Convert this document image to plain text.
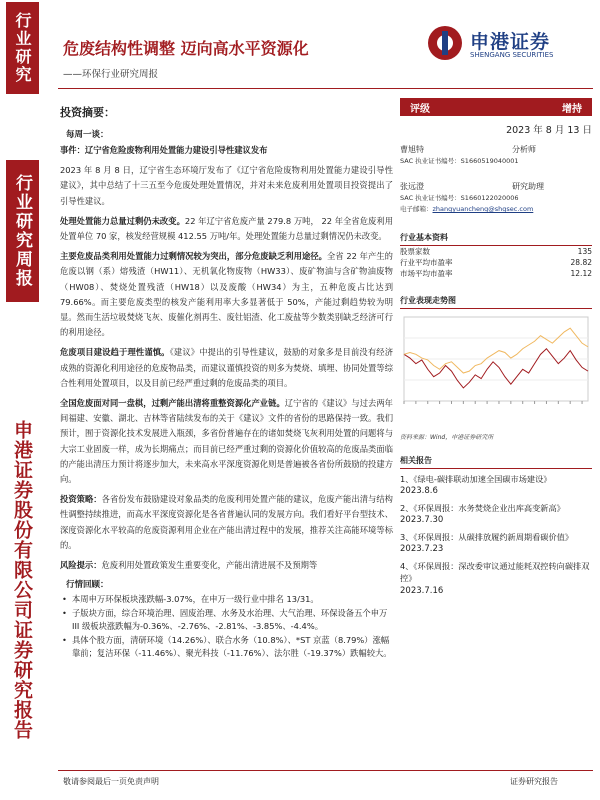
行业研究
行业研究周报
申港证券股份有限公司证券研究报告
危废结构性调整 迈向高水平资源化
——环保行业研究周报
申港证券
SHENGANG SECURITIES
投资摘要：
每周一谈：
事件：辽宁省危险废物利用处置能力建设引导性建议发布
2023 年 8 月 8 日，辽宁省生态环境厅发布了《辽宁省危险废物利用处置能力建设引导性建议》，其中总结了十三五至今危废处理处置情况，并对未来危废利用处置项目投资提出了引导性建议。
处理处置能力总量过剩仍未改变。22 年辽宁省危废产量 279.8 万吨， 22 年全省危废利用处置单位 70 家，核发经营规模 412.55 万吨/年。处理处置能力总量过剩情况仍未改变。
主要危废品类利用处置能力过剩情况较为突出，部分危废缺乏利用途径。全省 22 年产生的危废以钢（系）熔残渣（HW11）、无机氧化物废物（HW33）、废矿物油与含矿物油废物（HW08）、焚烧处置残渣（HW18）以及废酸（HW34）为主，五种危废占比达到 79.66%。而主要危废类型的核发产能利用率大多显著低于 50%，产能过剩趋势较为明显。然而生活垃圾焚烧飞灰、废催化剂再生、废钍铝渣、化工废盐等少数类别缺乏经济可行的利用途径。
危废项目建设趋于理性谨慎。《建议》中提出的引导性建议，鼓励的对象多是目前没有经济成熟的资源化利用途径的危废物品类，而建议谨慎投资的则多为焚烧、填埋、协同处置等综合性利用处置项目，以及目前已经严重过剩的危废品类的项目。
全国危废面对同一盘棋，过剩产能出清将重整资源化产业链。辽宁省的《建议》与过去两年间福建、安徽、湖北、吉林等省陆续发布的关于《建议》文件的省份的思路保持一致。我们预计，囿于资源化技术发展进入瓶颈，多省份普遍存在的诸如焚烧飞灰利用处置的问题将与大宗工业固废一样，成为长期痛点；而目前已经严重过剩的资源化价值较高的危废品类面临的产能出清压力预计将逐步加大，未来高水平深度资源化则是普遍被各省份所鼓励的投建方向。
投资策略：各省份发布鼓励建设对象品类的危废利用处置产能的建议，危废产能出清与结构性调整持续推进，而高水平深度资源化是各省普遍认同的发展方向。我们看好平台型技术、深度资源化水平较高的危废资源利用企业在产能出清过程中的发展，推荐关注高能环境等标的。
风险提示：危废利用处置政策发生重要变化，产能出清进展不及预期等
行情回顾：
• 本周申万环保板块涨跌幅-3.07%，在申万一级行业中排名 13/31。
• 子版块方面，综合环境治理、固废治理、水务及水治理、大气治理、环保设备五个申万 III 级板块涨跌幅为-0.36%、-2.76%、-2.81%、-3.85%、-4.4%。
• 具体个股方面，清研环境（14.26%）、联合水务（10.8%）、*ST 京蓝（8.79%）涨幅靠前；复洁环保（-11.46%）、聚光科技（-11.76%）、法尔胜（-19.37%）跌幅较大。
评级	增持
2023 年 8 月 13 日
曹旭特	分析师
SAC 执业证书编号：S1660519040001
张远澄	研究助理
SAC 执业证书编号：S1660122020006
电子邮箱：zhangyuancheng@shgsec.com
行业基本资料
股票家数	135
行业平均市盈率	28.82
市场平均市盈率	12.12
行业表现走势图
资料来源：Wind，申港证券研究所
相关报告
1、《绿电-碳排联动加速全国碳市场建设》
2023.8.6
2、《环保周报：水务焚烧企业出库高变新高》
2023.7.30
3、《环保周报：从碳排放履约新周期看碳价值》
2023.7.23
4、《环保周报：深改委审议通过能耗双控转向碳排双控》
2023.7.16
敬请参阅最后一页免责声明	证券研究报告
